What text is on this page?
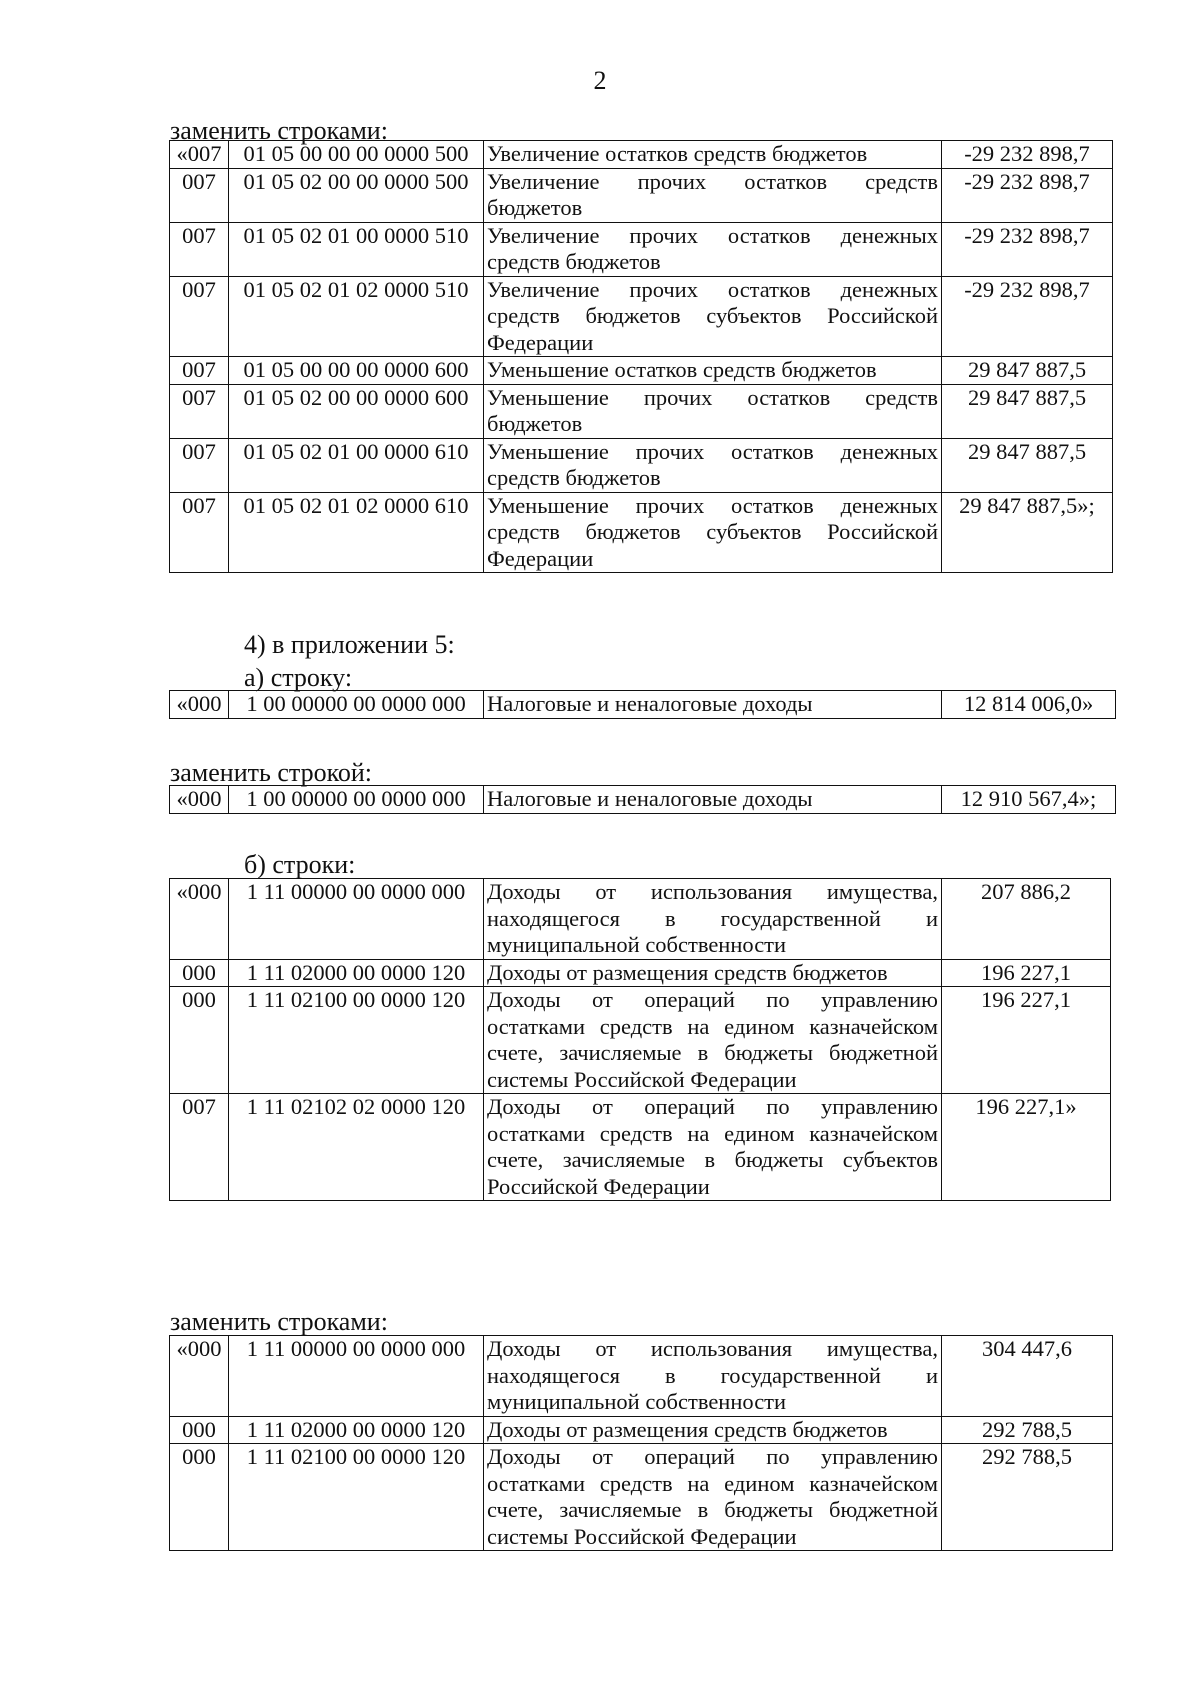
2
заменить строками:
«007	01 05 00 00 00 0000 500	Увеличение остатков средств бюджетов	-29 232 898,7
007	01 05 02 00 00 0000 500	Увеличение прочих остатков средств бюджетов	-29 232 898,7
007	01 05 02 01 00 0000 510	Увеличение прочих остатков денежных средств бюджетов	-29 232 898,7
007	01 05 02 01 02 0000 510	Увеличение прочих остатков денежных средств бюджетов субъектов Российской Федерации	-29 232 898,7
007	01 05 00 00 00 0000 600	Уменьшение остатков средств бюджетов	29 847 887,5
007	01 05 02 00 00 0000 600	Уменьшение прочих остатков средств бюджетов	29 847 887,5
007	01 05 02 01 00 0000 610	Уменьшение прочих остатков денежных средств бюджетов	29 847 887,5
007	01 05 02 01 02 0000 610	Уменьшение прочих остатков денежных средств бюджетов субъектов Российской Федерации	29 847 887,5»;
4) в приложении 5:
а) строку:
«000	1 00 00000 00 0000 000	Налоговые и неналоговые доходы	12 814 006,0»
заменить строкой:
«000	1 00 00000 00 0000 000	Налоговые и неналоговые доходы	12 910 567,4»;
б) строки:
«000	1 11 00000 00 0000 000	Доходы от использования имущества, находящегося в государственной и муниципальной собственности	207 886,2
000	1 11 02000 00 0000 120	Доходы от размещения средств бюджетов	196 227,1
000	1 11 02100 00 0000 120	Доходы от операций по управлению остатками средств на едином казначейском счете, зачисляемые в бюджеты бюджетной системы Российской Федерации	196 227,1
007	1 11 02102 02 0000 120	Доходы от операций по управлению остатками средств на едином казначейском счете, зачисляемые в бюджеты субъектов Российской Федерации	196 227,1»
заменить строками:
«000	1 11 00000 00 0000 000	Доходы от использования имущества, находящегося в государственной и муниципальной собственности	304 447,6
000	1 11 02000 00 0000 120	Доходы от размещения средств бюджетов	292 788,5
000	1 11 02100 00 0000 120	Доходы от операций по управлению остатками средств на едином казначейском счете, зачисляемые в бюджеты бюджетной системы Российской Федерации	292 788,5
